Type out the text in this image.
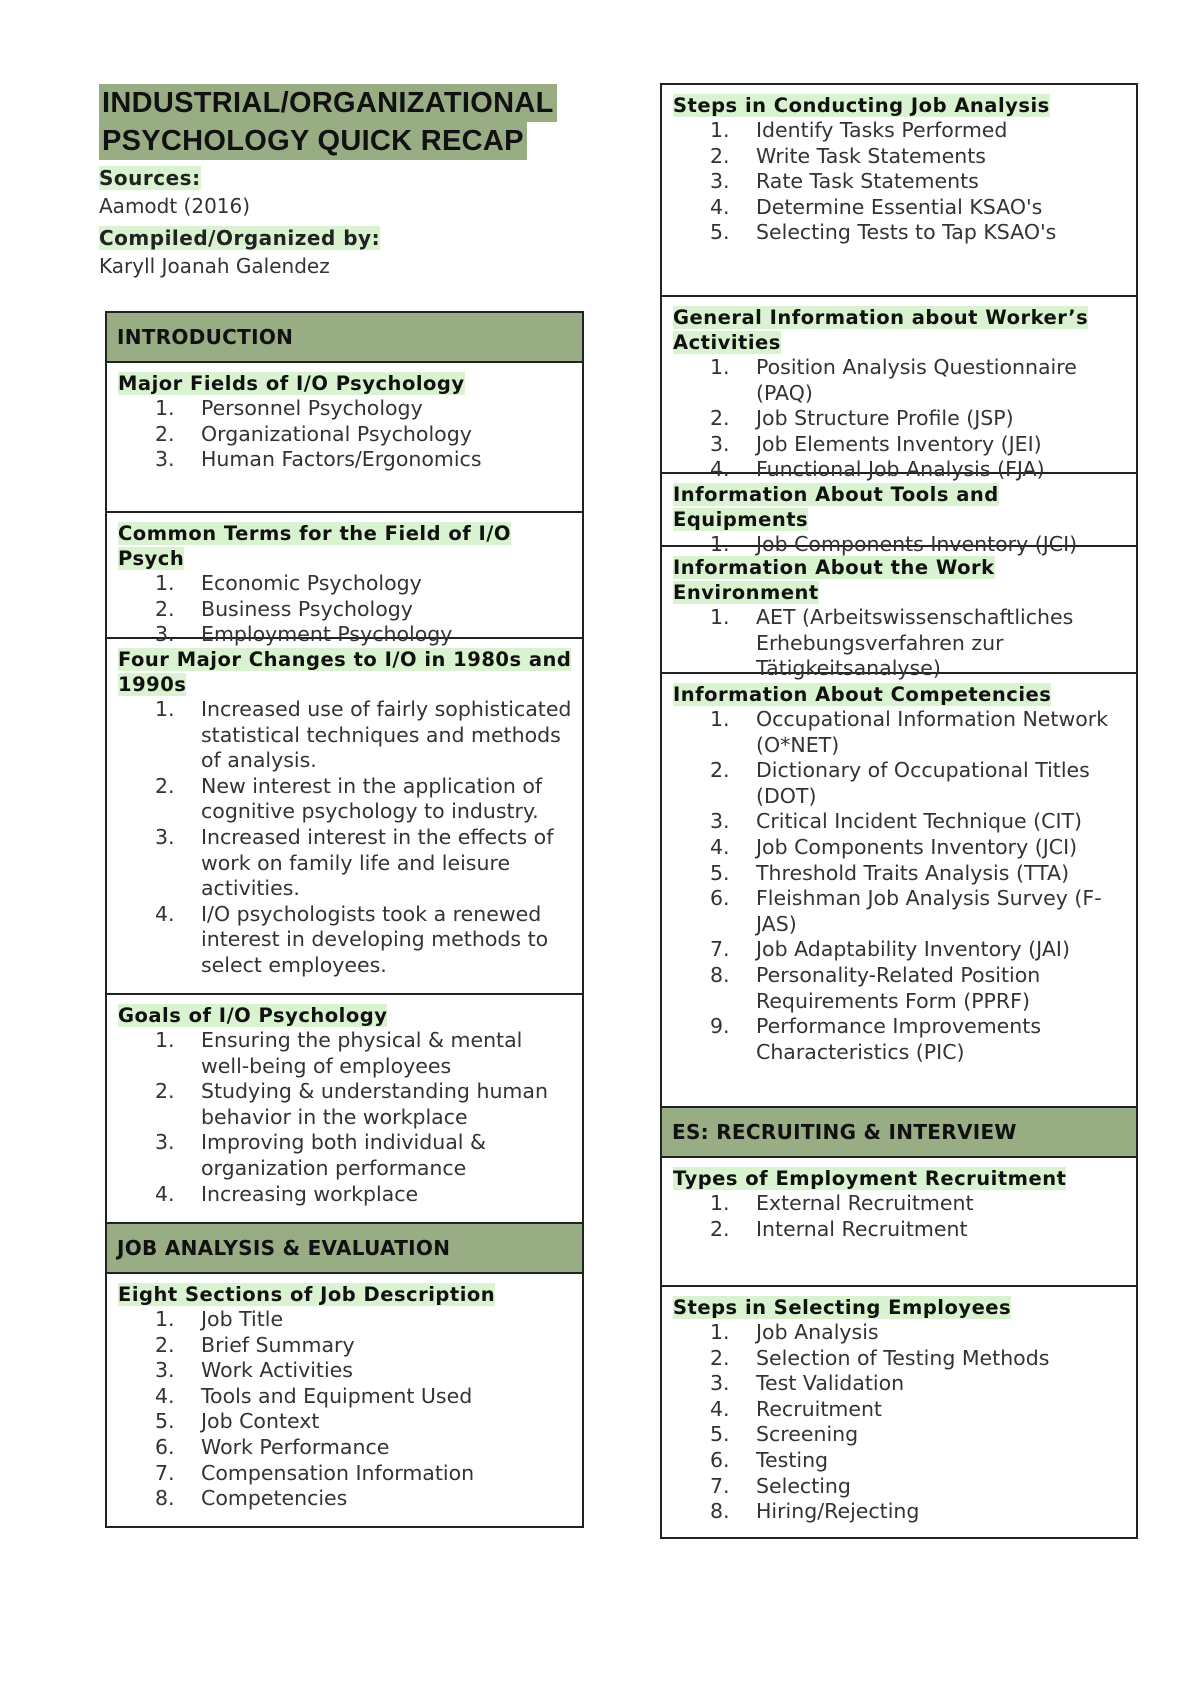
INDUSTRIAL/ORGANIZATIONAL
PSYCHOLOGY QUICK RECAP
Sources:
Aamodt (2016)
Compiled/Organized by:
Karyll Joanah Galendez
INTRODUCTION
Major Fields of I/O Psychology
1.	Personnel Psychology
2.	Organizational Psychology
3.	Human Factors/Ergonomics
Common Terms for the Field of I/O Psych
1.	Economic Psychology
2.	Business Psychology
3.	Employment Psychology
Four Major Changes to I/O in 1980s and 1990s
1.	Increased use of fairly sophisticated statistical techniques and methods of analysis.
2.	New interest in the application of cognitive psychology to industry.
3.	Increased interest in the effects of work on family life and leisure activities.
4.	I/O psychologists took a renewed interest in developing methods to select employees.
Goals of I/O Psychology
1.	Ensuring the physical & mental well-being of employees
2.	Studying & understanding human behavior in the workplace
3.	Improving both individual & organization performance
4.	Increasing workplace
JOB ANALYSIS & EVALUATION
Eight Sections of Job Description
1.	Job Title
2.	Brief Summary
3.	Work Activities
4.	Tools and Equipment Used
5.	Job Context
6.	Work Performance
7.	Compensation Information
8.	Competencies
Steps in Conducting Job Analysis
1.	Identify Tasks Performed
2.	Write Task Statements
3.	Rate Task Statements
4.	Determine Essential KSAO's
5.	Selecting Tests to Tap KSAO's
General Information about Worker’s Activities
1.	Position Analysis Questionnaire (PAQ)
2.	Job Structure Profile (JSP)
3.	Job Elements Inventory (JEI)
4.	Functional Job Analysis (FJA)
Information About Tools and Equipments
1.	Job Components Inventory (JCI)
Information About the Work Environment
1.	AET (Arbeitswissenschaftliches Erhebungsverfahren zur Tätigkeitsanalyse)
Information About Competencies
1.	Occupational Information Network (O*NET)
2.	Dictionary of Occupational Titles (DOT)
3.	Critical Incident Technique (CIT)
4.	Job Components Inventory (JCI)
5.	Threshold Traits Analysis (TTA)
6.	Fleishman Job Analysis Survey (F-JAS)
7.	Job Adaptability Inventory (JAI)
8.	Personality-Related Position Requirements Form (PPRF)
9.	Performance Improvements Characteristics (PIC)
ES: RECRUITING & INTERVIEW
Types of Employment Recruitment
1.	External Recruitment
2.	Internal Recruitment
Steps in Selecting Employees
1.	Job Analysis
2.	Selection of Testing Methods
3.	Test Validation
4.	Recruitment
5.	Screening
6.	Testing
7.	Selecting
8.	Hiring/Rejecting
